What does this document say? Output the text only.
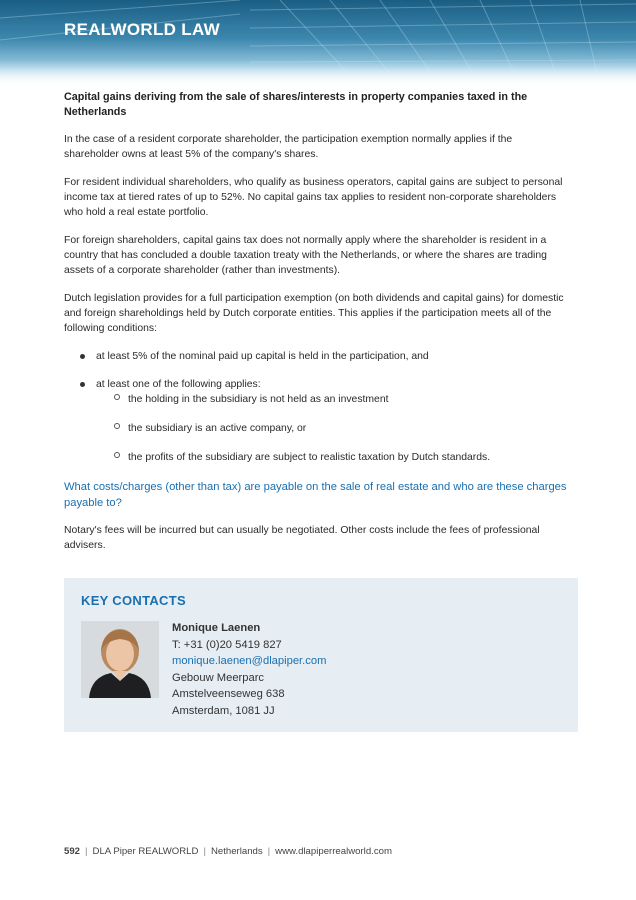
REALWORLD LAW
Capital gains deriving from the sale of shares/interests in property companies taxed in the Netherlands

In the case of a resident corporate shareholder, the participation exemption normally applies if the shareholder owns at least 5% of the company's shares.

For resident individual shareholders, who qualify as business operators, capital gains are subject to personal income tax at tiered rates of up to 52%. No capital gains tax applies to resident non-corporate shareholders who hold a real estate portfolio.

For foreign shareholders, capital gains tax does not normally apply where the shareholder is resident in a country that has concluded a double taxation treaty with the Netherlands, or where the shares are trading assets of a corporate shareholder (rather than investments).

Dutch legislation provides for a full participation exemption (on both dividends and capital gains) for domestic and foreign shareholdings held by Dutch corporate entities. This applies if the participation meets all of the following conditions:

at least 5% of the nominal paid up capital is held in the participation, and
at least one of the following applies:
the holding in the subsidiary is not held as an investment
the subsidiary is an active company, or
the profits of the subsidiary are subject to realistic taxation by Dutch standards.
What costs/charges (other than tax) are payable on the sale of real estate and who are these charges payable to?

Notary's fees will be incurred but can usually be negotiated. Other costs include the fees of professional advisers.

KEY CONTACTS
Monique Laenen
T: +31 (0)20 5419 827
monique.laenen@dlapiper.com
Gebouw Meerparc
Amstelveenseweg 638
Amsterdam, 1081 JJ
592 | DLA Piper REALWORLD | Netherlands | www.dlapiperrealworld.com
